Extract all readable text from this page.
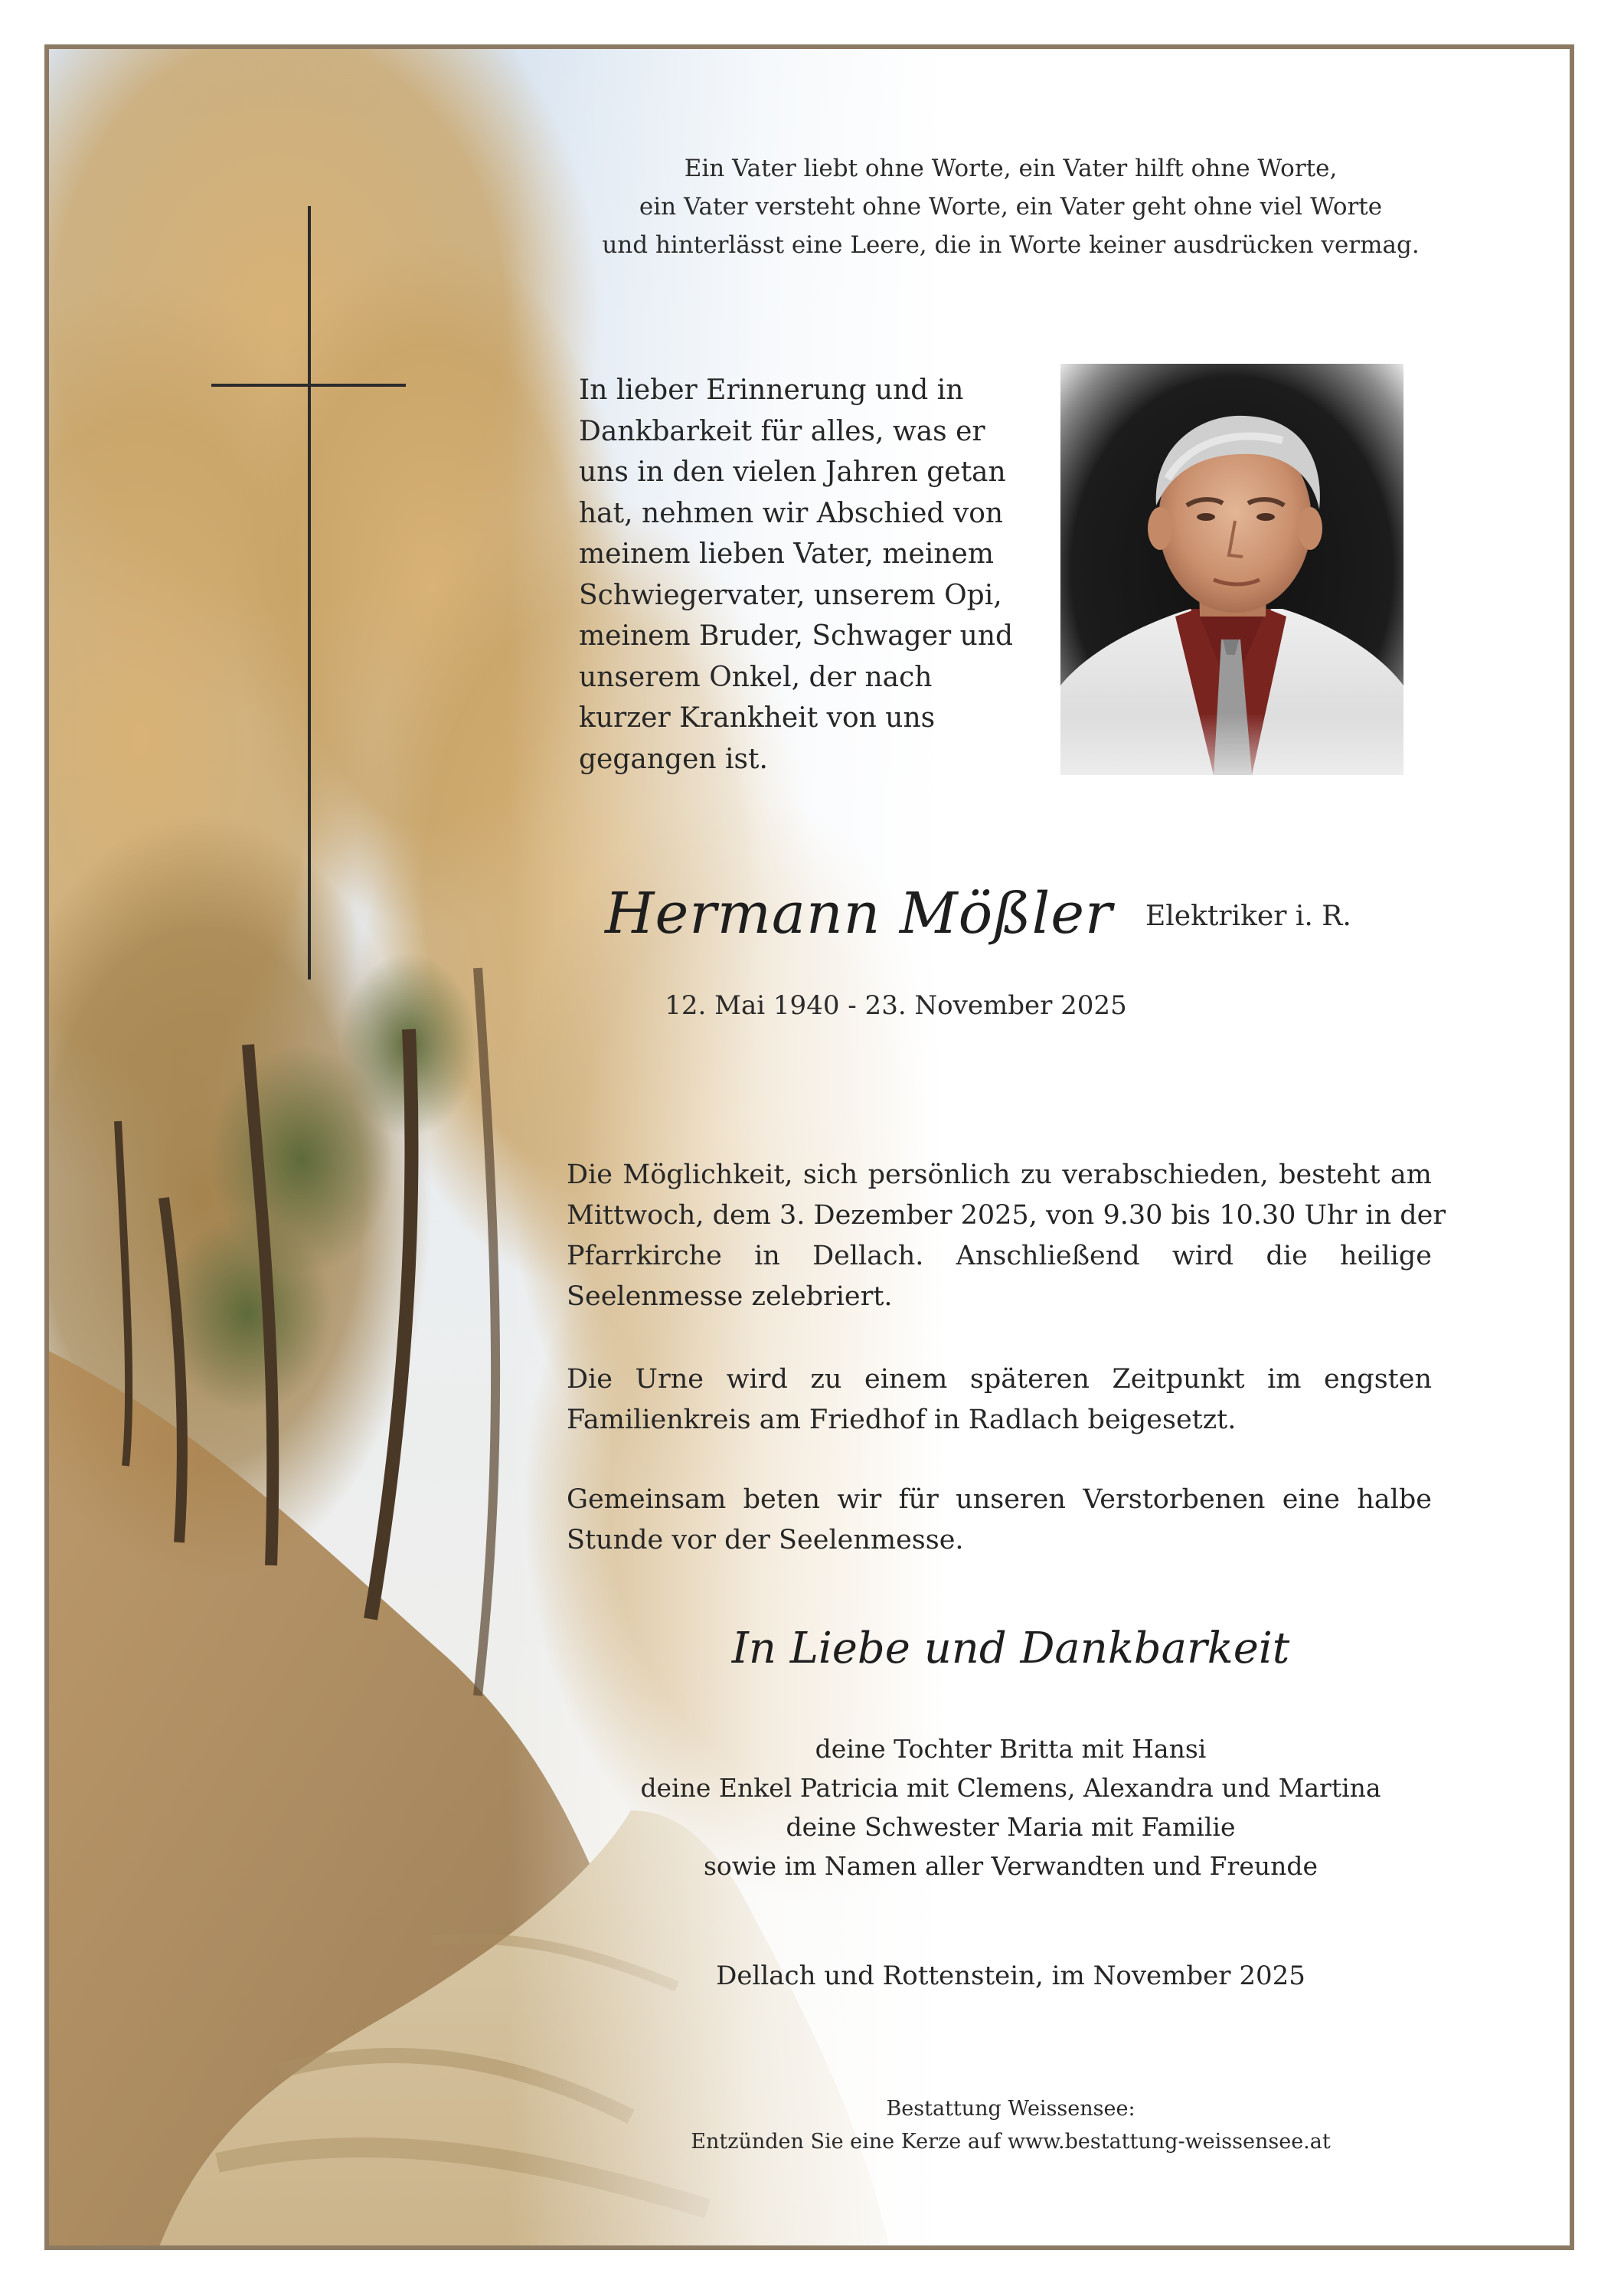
Ein Vater liebt ohne Worte, ein Vater hilft ohne Worte,
ein Vater versteht ohne Worte, ein Vater geht ohne viel Worte
und hinterlässt eine Leere, die in Worte keiner ausdrücken vermag.
In lieber Erinnerung und in
Dankbarkeit für alles, was er
uns in den vielen Jahren getan
hat, nehmen wir Abschied von
meinem lieben Vater, meinem
Schwiegervater, unserem Opi,
meinem Bruder, Schwager und
unserem Onkel, der nach
kurzer Krankheit von uns
gegangen ist.
Hermann Mößler Elektriker i. R.
12. Mai 1940 - 23. November 2025
Die Möglichkeit, sich persönlich zu verabschieden, besteht am
Mittwoch, dem 3. Dezember 2025, von 9.30 bis 10.30 Uhr in der
Pfarrkirche in Dellach. Anschließend wird die heilige
Seelenmesse zelebriert.
Die Urne wird zu einem späteren Zeitpunkt im engsten
Familienkreis am Friedhof in Radlach beigesetzt.
Gemeinsam beten wir für unseren Verstorbenen eine halbe
Stunde vor der Seelenmesse.
In Liebe und Dankbarkeit
deine Tochter Britta mit Hansi
deine Enkel Patricia mit Clemens, Alexandra und Martina
deine Schwester Maria mit Familie
sowie im Namen aller Verwandten und Freunde
Dellach und Rottenstein, im November 2025
Bestattung Weissensee:
Entzünden Sie eine Kerze auf www.bestattung-weissensee.at
